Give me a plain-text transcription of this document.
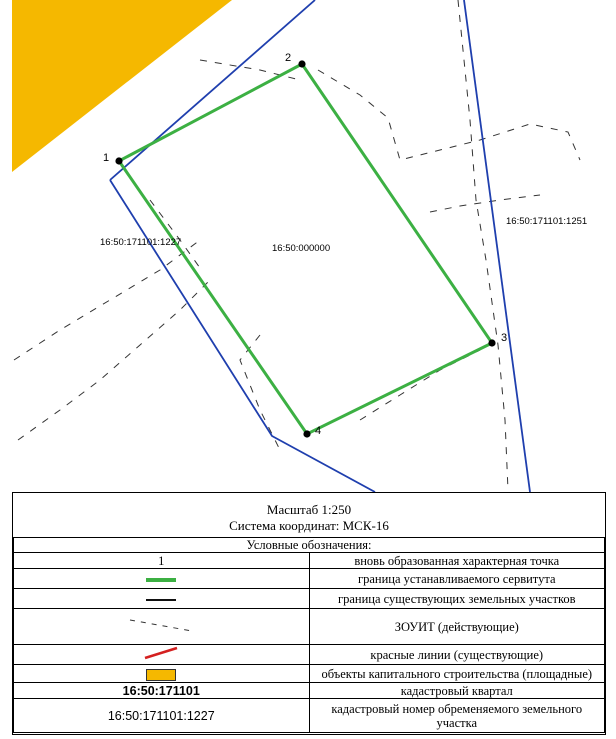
1
2
3
4
16:50:000000
16:50:171101:1227
16:50:171101:1251
Масштаб 1:250
Система координат: МСК-16
Условные обозначения:	
1	вновь образованная характерная точка
	граница устанавливаемого сервитута
	граница существующих земельных участков
	ЗОУИТ (действующие)
	красные линии (существующие)
	объекты капитального строительства (площадные)
16:50:171101	кадастровый квартал
16:50:171101:1227	кадастровый номер обременяемого земельного участка
